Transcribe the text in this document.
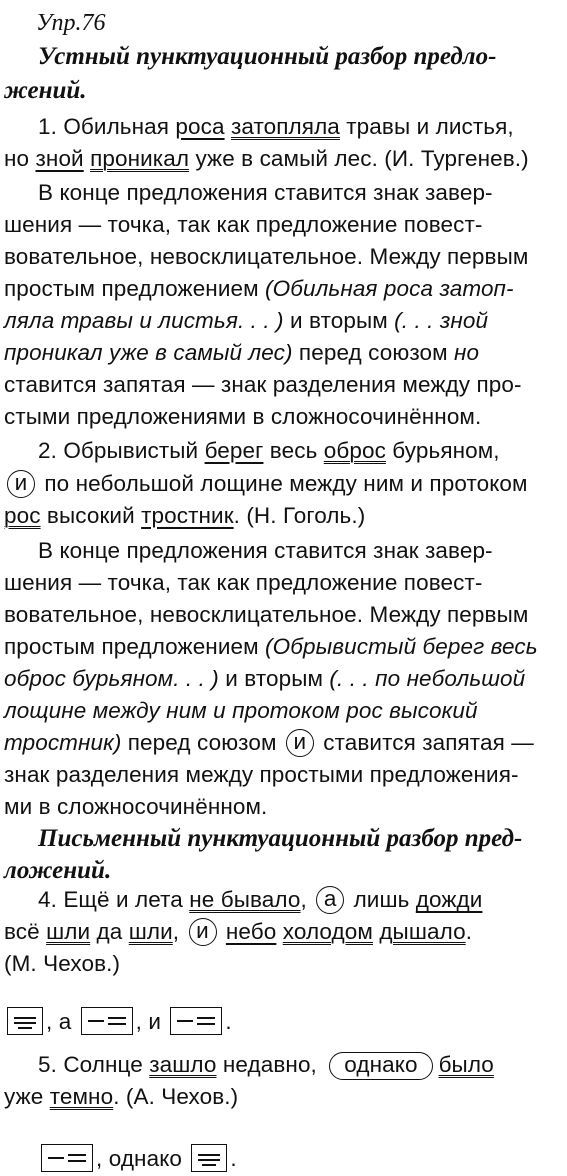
Упр.76
Устный пунктуационный разбор предло-
жений.
1. Обильная роса затопляла травы и листья,
но зной проникал уже в самый лес. (И. Тургенев.)
В конце предложения ставится знак завер-
шения — точка, так как предложение повест-
вовательное, невосклицательное. Между первым
простым предложением (Обильная роса затоп-
ляла травы и листья. . . ) и вторым (. . . зной
проникал уже в самый лес) перед союзом но
ставится запятая — знак разделения между про-
стыми предложениями в сложносочинённом.
2. Обрывистый берег весь оброс бурьяном,
и по небольшой лощине между ним и протоком
рос высокий тростник. (Н. Гоголь.)
В конце предложения ставится знак завер-
шения — точка, так как предложение повест-
вовательное, невосклицательное. Между первым
простым предложением (Обрывистый берег весь
оброс бурьяном. . . ) и вторым (. . . по небольшой
лощине между ним и протоком рос высокий
тростник) перед союзом и ставится запятая —
знак разделения между простыми предложения-
ми в сложносочинённом.
Письменный пунктуационный разбор пред-
ложений.
4. Ещё и лета не бывало, а лишь дожди
всё шли да шли, и небо холодом дышало.
(М. Чехов.)
, а	, и	.
5. Солнце зашло недавно, однако было
уже темно. (А. Чехов.)
, однако
.
